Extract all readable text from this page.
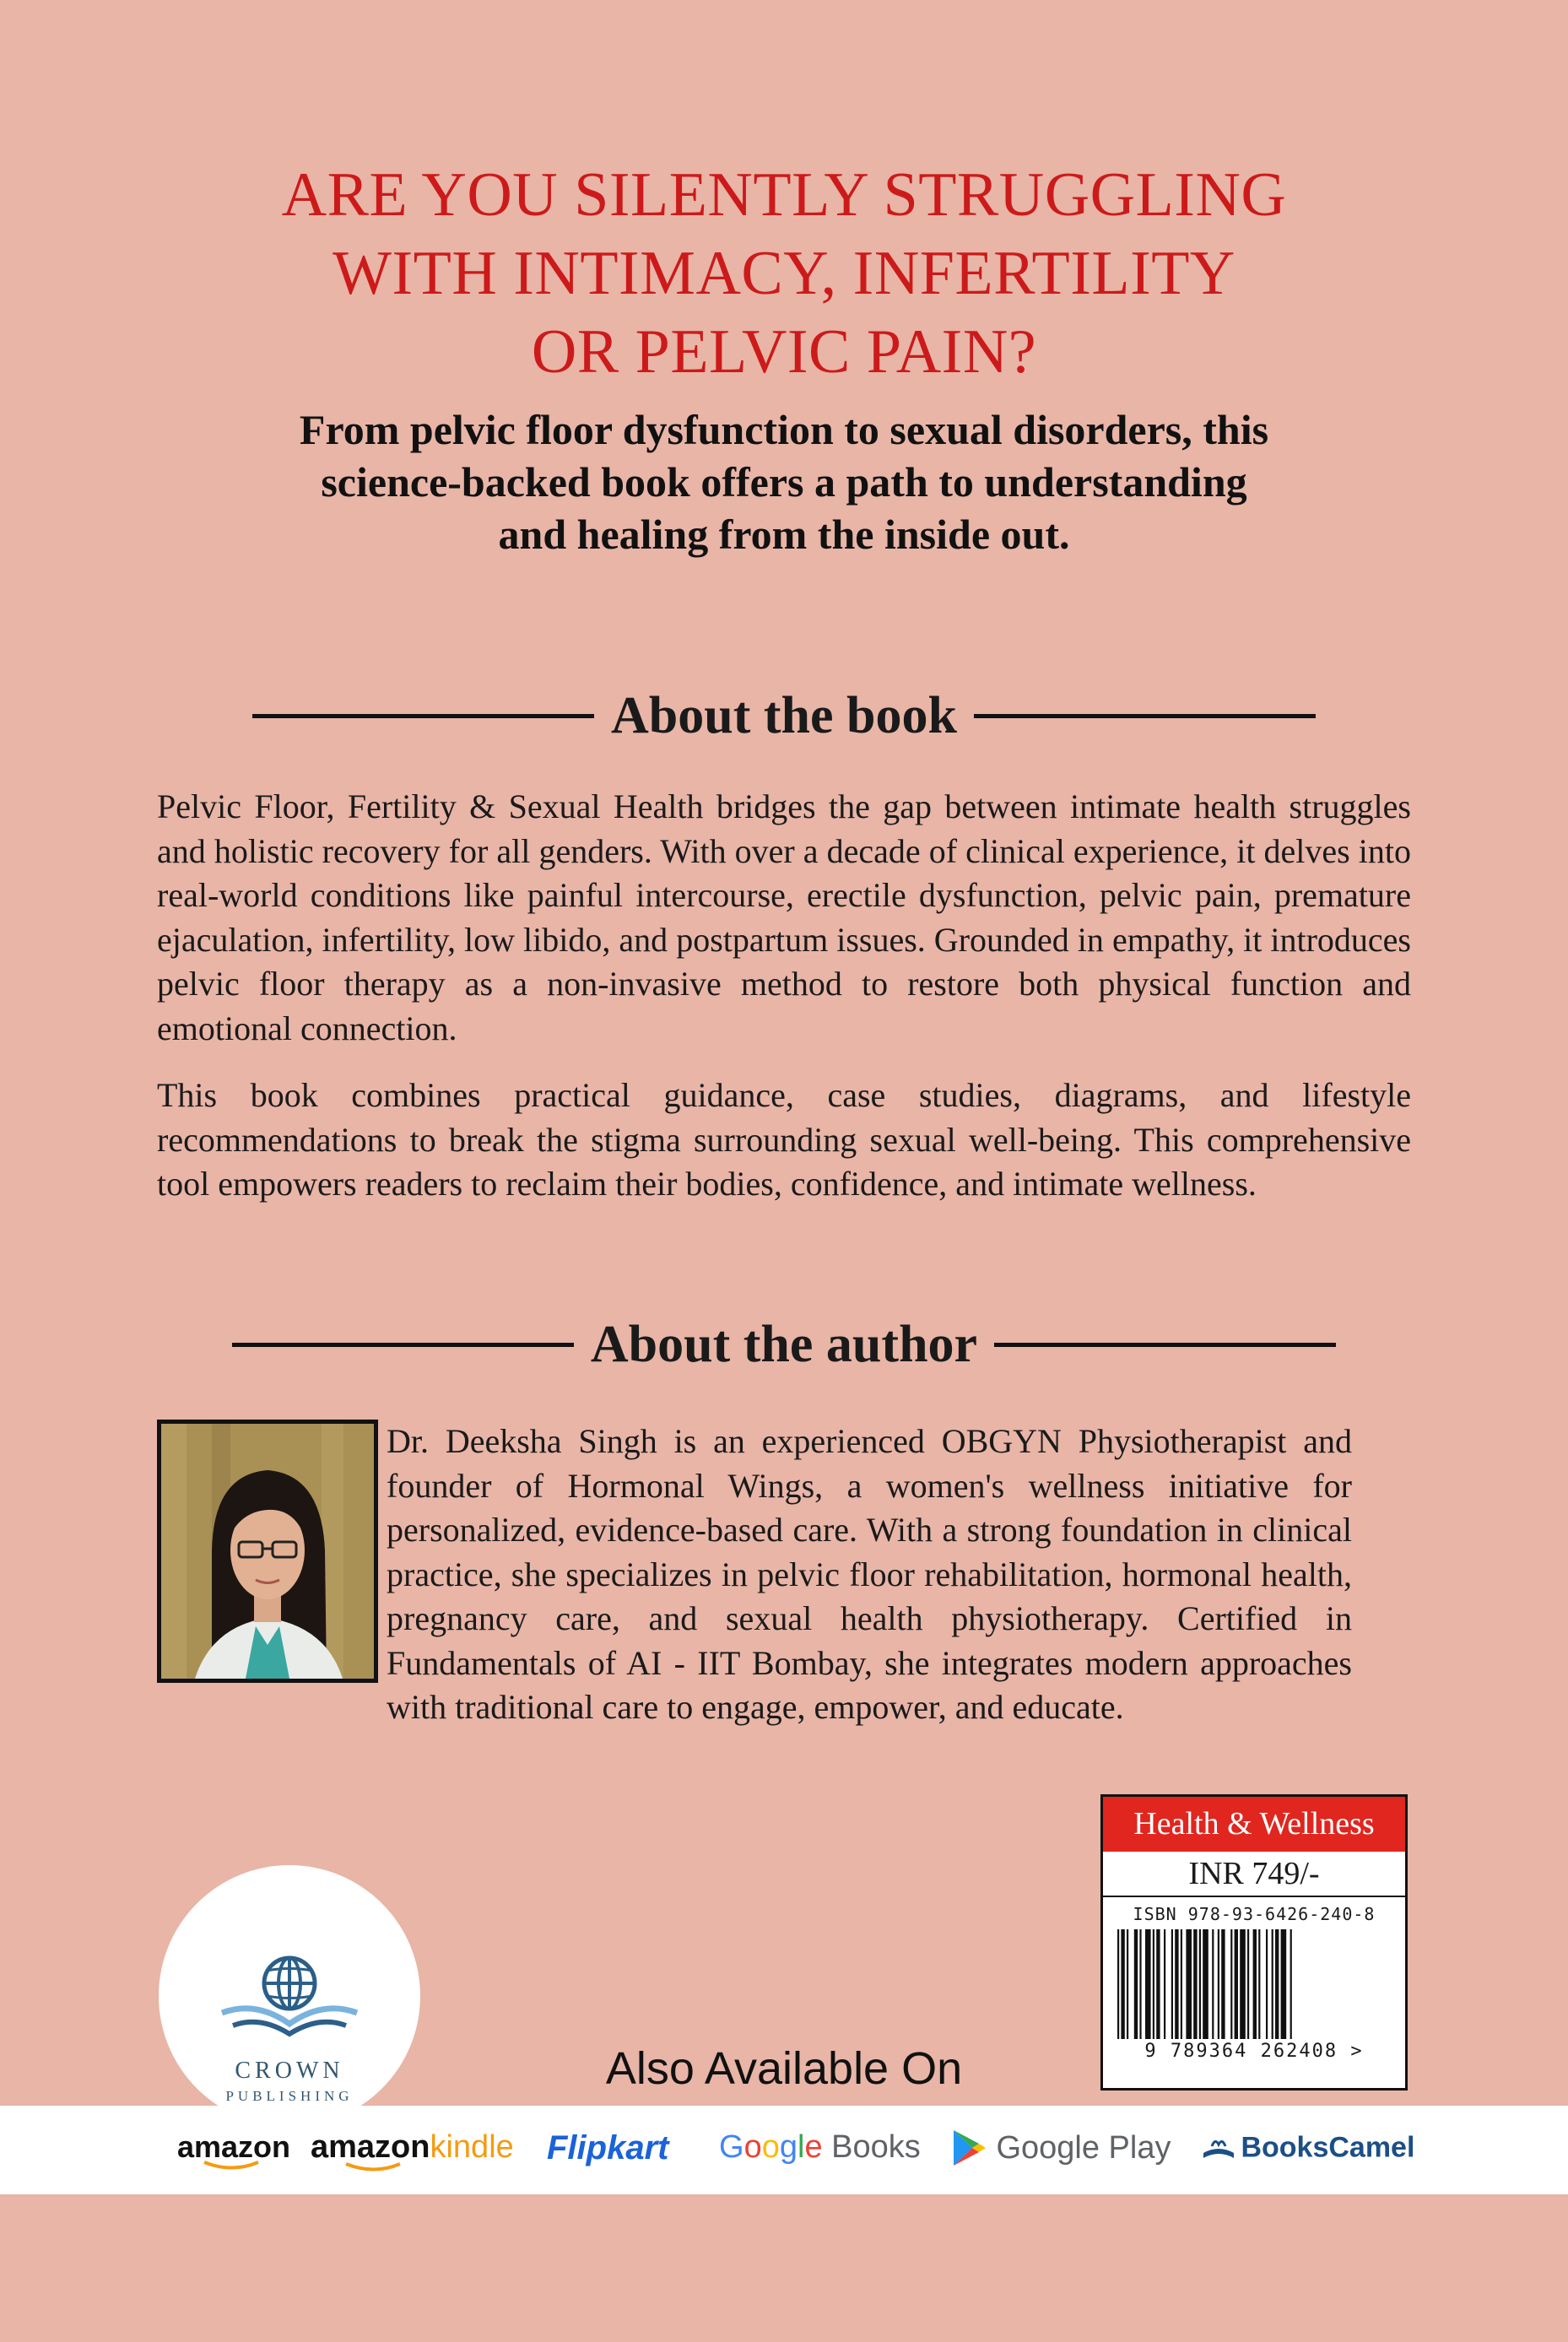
ARE YOU SILENTLY STRUGGLING
WITH INTIMACY, INFERTILITY
OR PELVIC PAIN?
From pelvic floor dysfunction to sexual disorders, this
science-backed book offers a path to understanding
and healing from the inside out.
About the book

Pelvic Floor, Fertility & Sexual Health bridges the gap between intimate health struggles and holistic recovery for all genders. With over a decade of clinical experience, it delves into real-world conditions like painful intercourse, erectile dysfunction, pelvic pain, premature ejaculation, infertility, low libido, and postpartum issues. Grounded in empathy, it introduces pelvic floor therapy as a non-invasive method to restore both physical function and emotional connection.

This book combines practical guidance, case studies, diagrams, and lifestyle recommendations to break the stigma surrounding sexual well-being. This comprehensive tool empowers readers to reclaim their bodies, confidence, and intimate wellness.

About the author

Dr. Deeksha Singh is an experienced OBGYN Physiotherapist and founder of Hormonal Wings, a women's wellness initiative for personalized, evidence-based care. With a strong foundation in clinical practice, she specializes in pelvic floor rehabilitation, hormonal health, pregnancy care, and sexual health physiotherapy. Certified in Fundamentals of AI - IIT Bombay, she integrates modern approaches with traditional care to engage, empower, and educate.

CROWN
PUBLISHING
Health & Wellness
INR 749/-
ISBN 978-93-6426-240-8
9 789364 262408 >
Also Available On
amazon amazonkindle Flipkart Google Books	Google Play	BooksCamel
